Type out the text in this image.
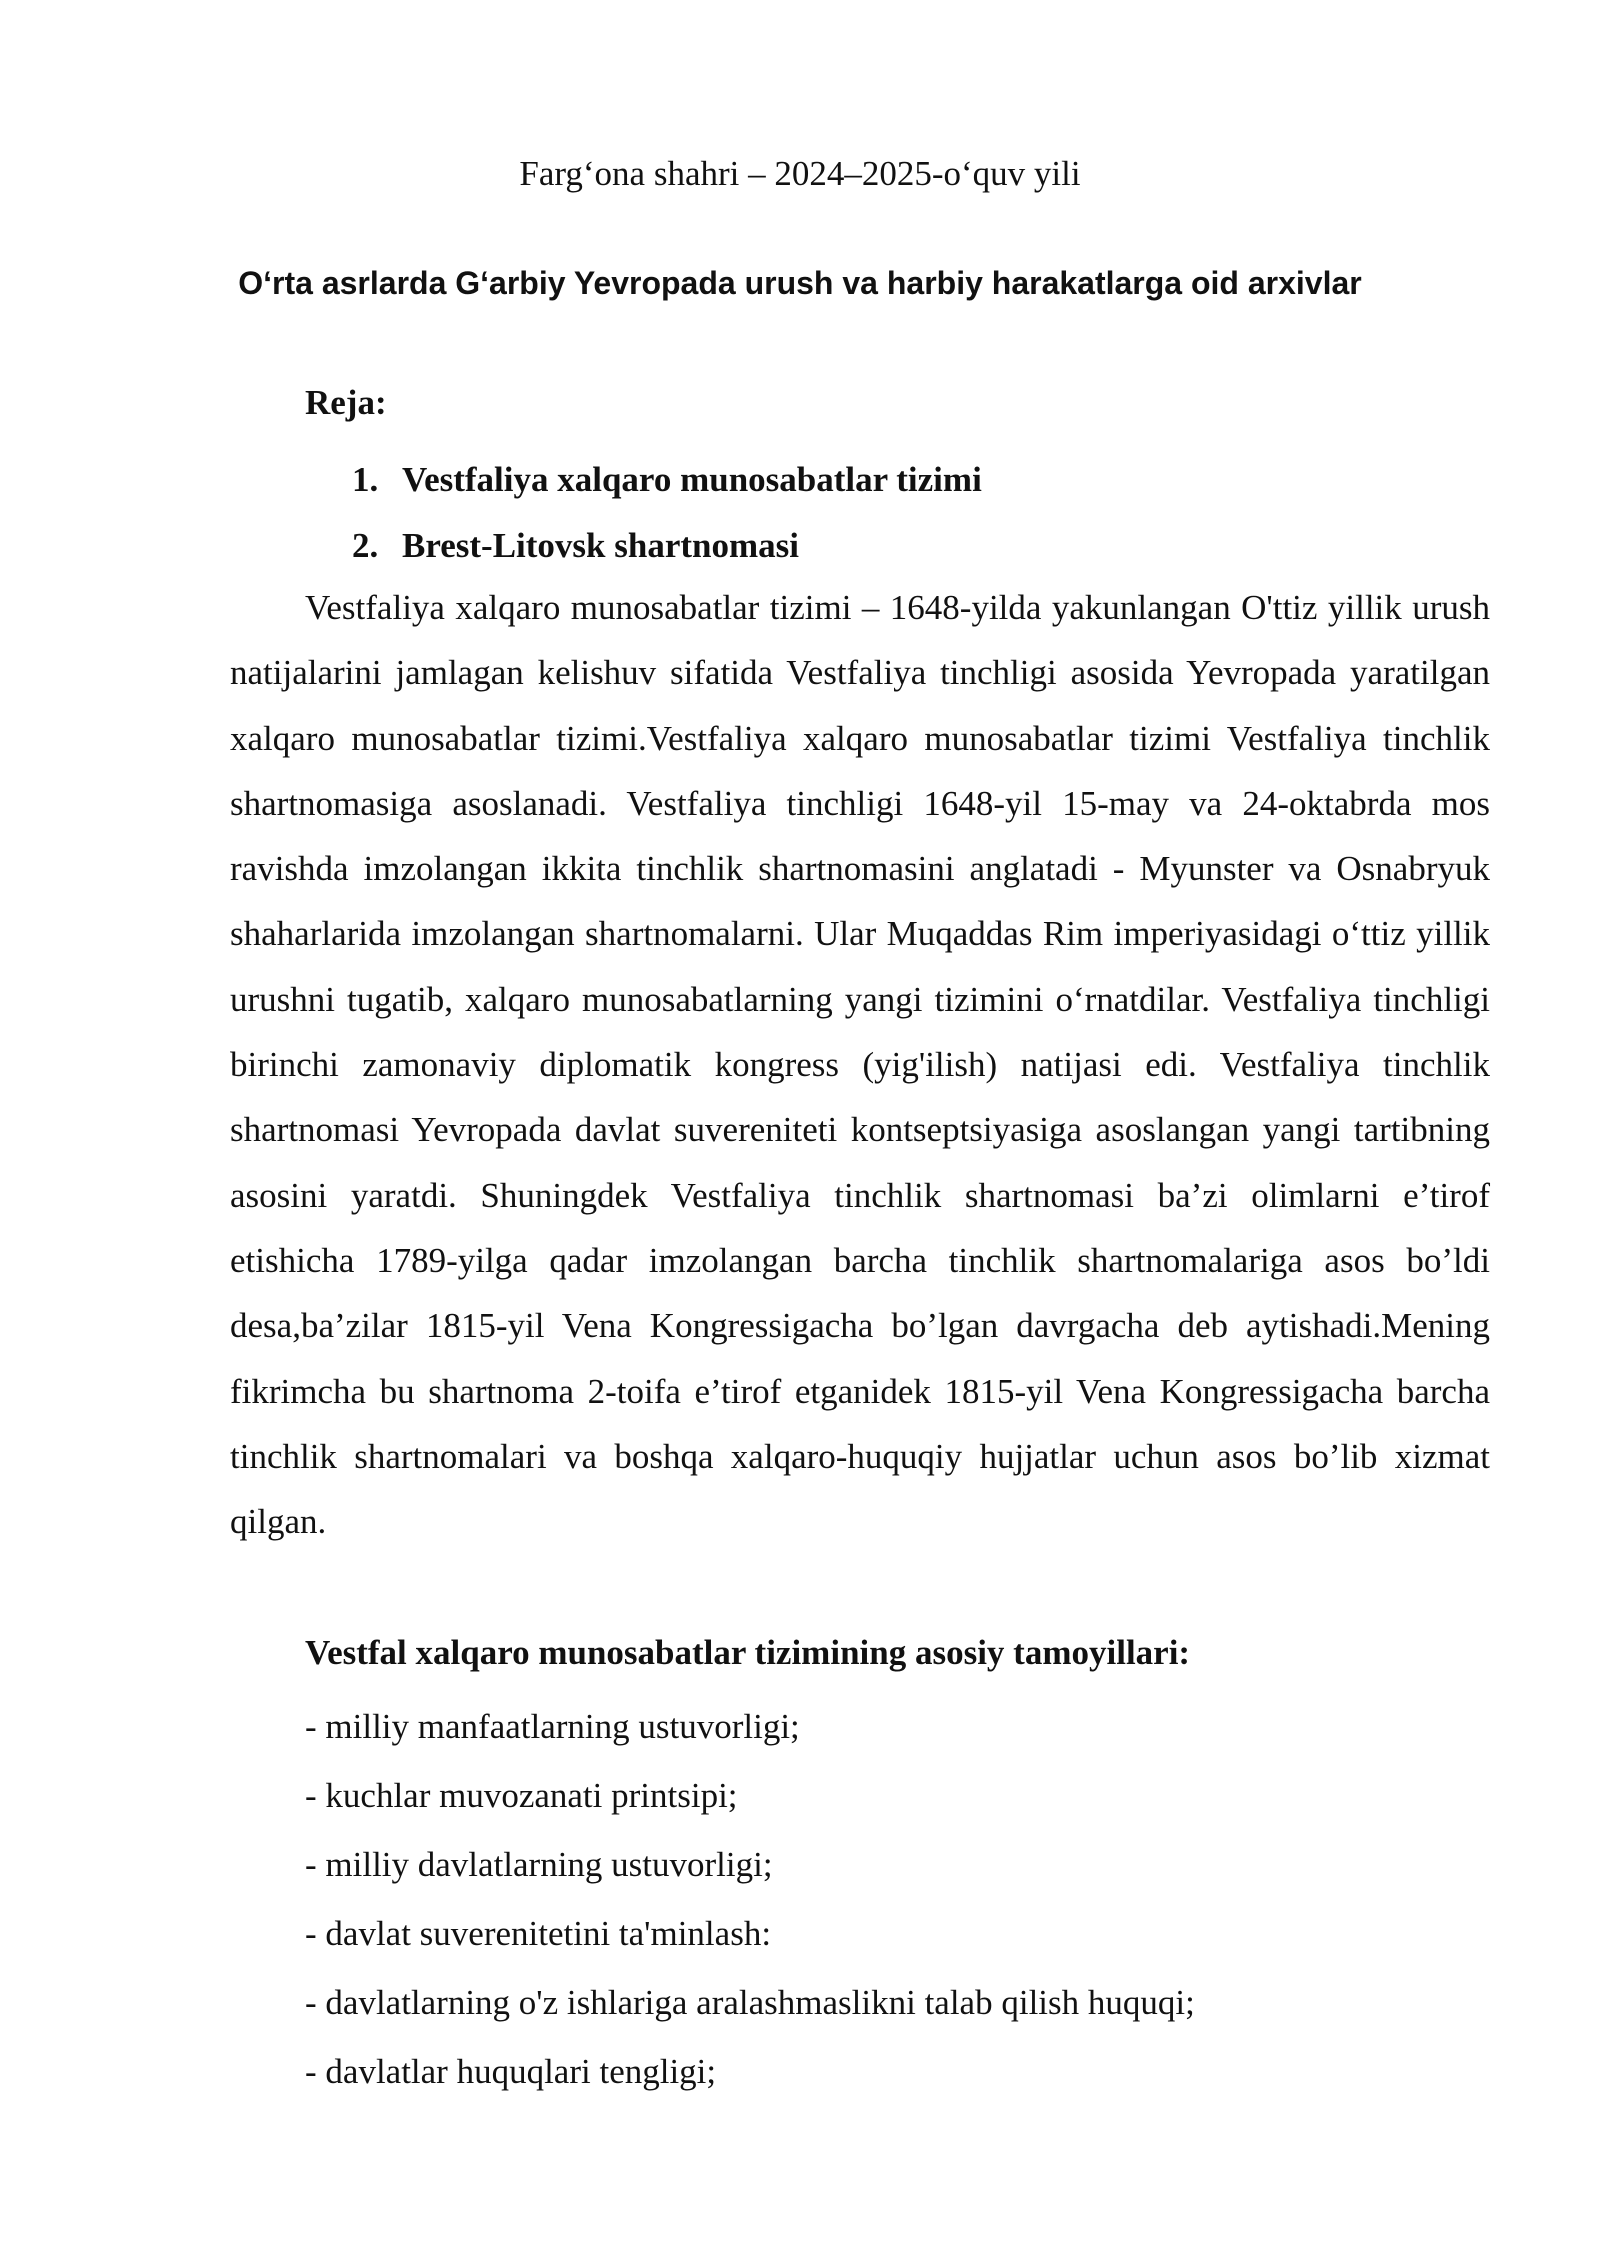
Farg‘ona shahri – 2024–2025-o‘quv yili
O‘rta asrlarda G‘arbiy Yevropada urush va harbiy harakatlarga oid arxivlar
Reja:
1. Vestfaliya xalqaro munosabatlar tizimi
2. Brest-Litovsk shartnomasi

Vestfaliya xalqaro munosabatlar tizimi – 1648-yilda yakunlangan O'ttiz yillik urush natijalarini jamlagan kelishuv sifatida Vestfaliya tinchligi asosida Yevropada yaratilgan xalqaro munosabatlar tizimi.Vestfaliya xalqaro munosabatlar tizimi Vestfaliya tinchlik shartnomasiga asoslanadi. Vestfaliya tinchligi 1648-yil 15-may va 24-oktabrda mos ravishda imzolangan ikkita tinchlik shartnomasini anglatadi - Myunster va Osnabryuk shaharlarida imzolangan shartnomalarni. Ular Muqaddas Rim imperiyasidagi o‘ttiz yillik urushni tugatib, xalqaro munosabatlarning yangi tizimini o‘rnatdilar. Vestfaliya tinchligi birinchi zamonaviy diplomatik kongress (yig'ilish) natijasi edi. Vestfaliya tinchlik shartnomasi Yevropada davlat suvereniteti kontseptsiyasiga asoslangan yangi tartibning asosini yaratdi. Shuningdek Vestfaliya tinchlik shartnomasi ba’zi olimlarni e’tirof etishicha 1789-yilga qadar imzolangan barcha tinchlik shartnomalariga asos bo’ldi desa,ba’zilar 1815-yil Vena Kongressigacha bo’lgan davrgacha deb aytishadi.Mening fikrimcha bu shartnoma 2-toifa e’tirof etganidek 1815-yil Vena Kongressigacha barcha tinchlik shartnomalari va boshqa xalqaro-huquqiy hujjatlar uchun asos bo’lib xizmat qilgan.

Vestfal xalqaro munosabatlar tizimining asosiy tamoyillari:
- milliy manfaatlarning ustuvorligi;
- kuchlar muvozanati printsipi;
- milliy davlatlarning ustuvorligi;
- davlat suverenitetini ta'minlash:
- davlatlarning o'z ishlariga aralashmaslikni talab qilish huquqi;
- davlatlar huquqlari tengligi;
